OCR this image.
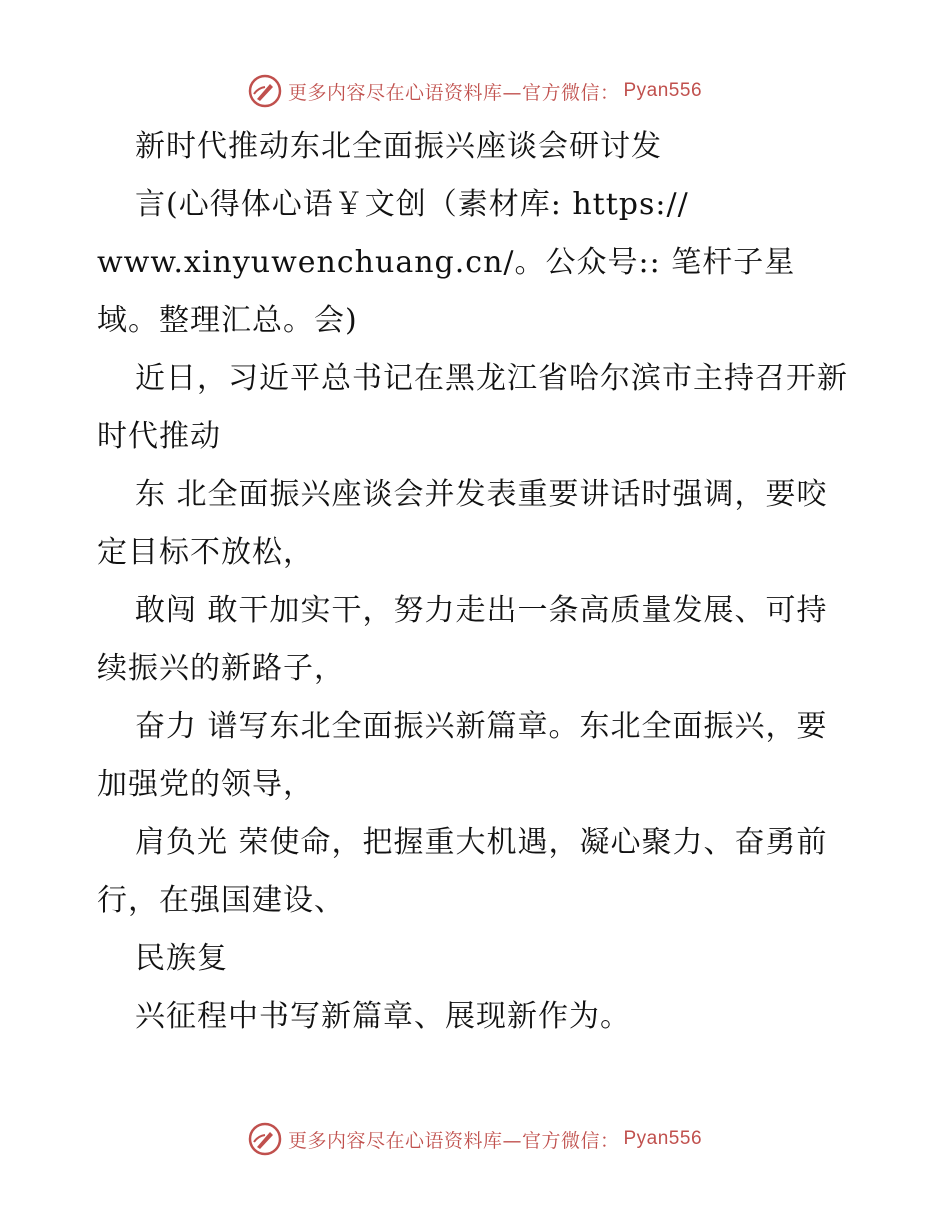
更多内容尽在心语资料库—官方微信： Pyan556

新时代推动东北全面振兴座谈会研讨发

言(心得体心语￥文创（素材库: https://

www.xinyuwenchuang.cn/。公众号:: 笔杆子星

域。整理汇总。会)

近日，习近平总书记在黑龙江省哈尔滨市主持召开新时代推动

东 北全面振兴座谈会并发表重要讲话时强调，要咬定目标不放松，

敢闯 敢干加实干，努力走出一条高质量发展、可持续振兴的新路子，

奋力 谱写东北全面振兴新篇章。东北全面振兴，要加强党的领导，

肩负光 荣使命，把握重大机遇，凝心聚力、奋勇前行，在强国建设、

民族复

兴征程中书写新篇章、展现新作为。

更多内容尽在心语资料库—官方微信： Pyan556
